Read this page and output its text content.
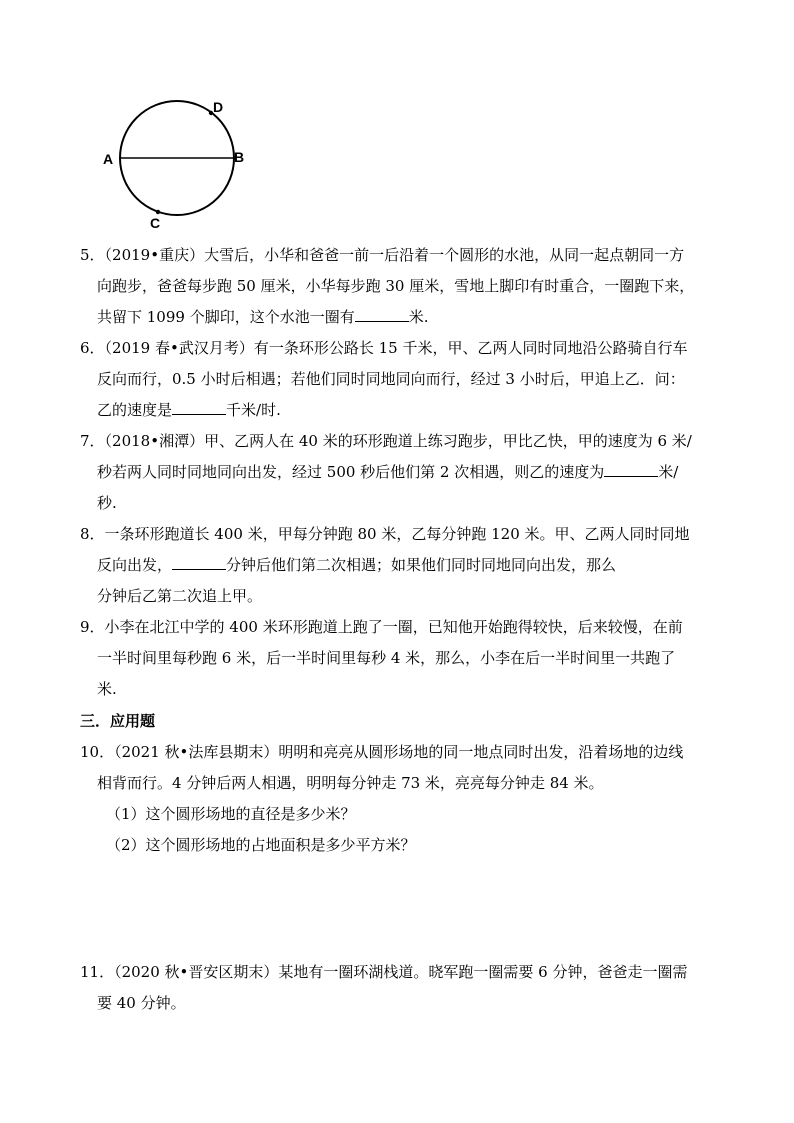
A	B
C
D
5．（2019•重庆）大雪后，小华和爸爸一前一后沿着一个圆形的水池，从同一起点朝同一方
向跑步，爸爸每步跑 50 厘米，小华每步跑 30 厘米，雪地上脚印有时重合，一圈跑下来，
共留下 1099 个脚印，这个水池一圈有	米.
6．（2019 春•武汉月考）有一条环形公路长 15 千米，甲、乙两人同时同地沿公路骑自行车
反向而行，0.5 小时后相遇；若他们同时同地同向而行，经过 3 小时后，甲追上乙．问：
乙的速度是	千米/时.
7．（2018•湘潭）甲、乙两人在 40 米的环形跑道上练习跑步，甲比乙快，甲的速度为 6 米/
秒若两人同时同地同向出发，经过 500 秒后他们第 2 次相遇，则乙的速度为	米/
秒.
8．一条环形跑道长 400 米，甲每分钟跑 80 米，乙每分钟跑 120 米。甲、乙两人同时同地
反向出发，	分钟后他们第二次相遇；如果他们同时同地同向出发，那么
分钟后乙第二次追上甲。
9．小李在北江中学的 400 米环形跑道上跑了一圈，已知他开始跑得较快，后来较慢，在前
一半时间里每秒跑 6 米，后一半时间里每秒 4 米，那么，小李在后一半时间里一共跑了
米.
三．应用题
10．（2021 秋•法库县期末）明明和亮亮从圆形场地的同一地点同时出发，沿着场地的边线
相背而行。4 分钟后两人相遇，明明每分钟走 73 米，亮亮每分钟走 84 米。
（1）这个圆形场地的直径是多少米？
（2）这个圆形场地的占地面积是多少平方米？
11．（2020 秋•晋安区期末）某地有一圈环湖栈道。晓军跑一圈需要 6 分钟，爸爸走一圈需
要 40 分钟。
